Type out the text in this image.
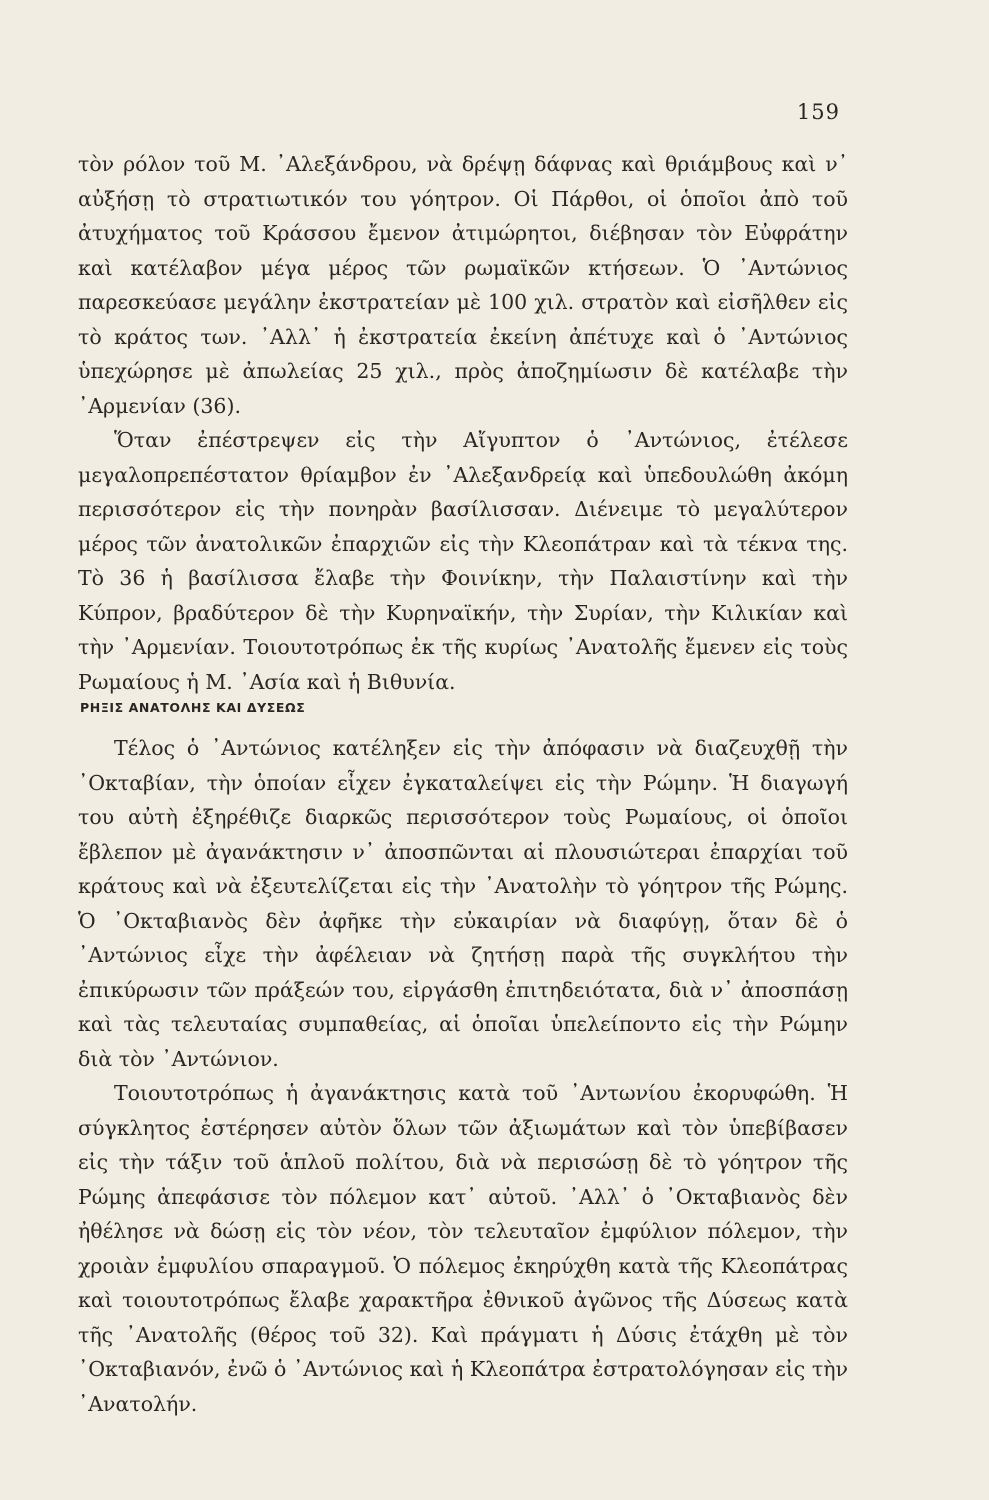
159

τὸν ρόλον τοῦ Μ. ᾿Αλεξάνδρου, νὰ δρέψῃ δάφνας καὶ θριάμβους καὶ ν᾿ αὐξήσῃ τὸ στρατιωτικόν του γόητρον. Οἱ Πάρθοι, οἱ ὁποῖοι ἀπὸ τοῦ ἀτυχήματος τοῦ Κράσσου ἔμενον ἀτιμώρητοι, διέβησαν τὸν Εὐφράτην καὶ κατέλαβον μέγα μέρος τῶν ρωμαϊκῶν κτήσεων. Ὁ ᾿Αντώνιος παρεσκεύασε μεγάλην ἐκστρατείαν μὲ 100 χιλ. στρατὸν καὶ εἰσῆλθεν εἰς τὸ κράτος των. ᾿Αλλ᾿ ἡ ἐκστρατεία ἐκείνη ἀπέτυχε καὶ ὁ ᾿Αντώνιος ὑπεχώρησε μὲ ἀπωλείας 25 χιλ., πρὸς ἀποζημίωσιν δὲ κατέλαβε τὴν ᾿Αρμενίαν (36).

Ὅταν ἐπέστρεψεν εἰς τὴν Αἴγυπτον ὁ ᾿Αντώνιος, ἐτέλεσε μεγαλοπρεπέστατον θρίαμβον ἐν ᾿Αλεξανδρείᾳ καὶ ὑπεδουλώθη ἀκόμη περισσότερον εἰς τὴν πονηρὰν βασίλισσαν. Διένειμε τὸ μεγαλύτερον μέρος τῶν ἀνατολικῶν ἐπαρχιῶν εἰς τὴν Κλεοπάτραν καὶ τὰ τέκνα της. Τὸ 36 ἡ βασίλισσα ἔλαβε τὴν Φοινίκην, τὴν Παλαιστίνην καὶ τὴν Κύπρον, βραδύτερον δὲ τὴν Κυρηναϊκήν, τὴν Συρίαν, τὴν Κιλικίαν καὶ τὴν ᾿Αρμενίαν. Τοιουτοτρόπως ἐκ τῆς κυρίως ᾿Ανατολῆς ἔμενεν εἰς τοὺς Ρωμαίους ἡ Μ. ᾿Ασία καὶ ἡ Βιθυνία.

ΡΗΞΙΣ ΑΝΑΤΟΛΗΣ ΚΑΙ ΔΥΣΕΩΣ

Τέλος ὁ ᾿Αντώνιος κατέληξεν εἰς τὴν ἀπόφασιν νὰ διαζευχθῇ τὴν ᾿Οκταβίαν, τὴν ὁποίαν εἶχεν ἐγκαταλείψει εἰς τὴν Ρώμην. Ἡ διαγωγή του αὐτὴ ἐξηρέθιζε διαρκῶς περισσότερον τοὺς Ρωμαίους, οἱ ὁποῖοι ἔβλεπον μὲ ἀγανάκτησιν ν᾿ ἀποσπῶνται αἱ πλουσιώτεραι ἐπαρχίαι τοῦ κράτους καὶ νὰ ἐξευτελίζεται εἰς τὴν ᾿Ανατολὴν τὸ γόητρον τῆς Ρώμης. Ὁ ᾿Οκταβιανὸς δὲν ἀφῆκε τὴν εὐκαιρίαν νὰ διαφύγῃ, ὅταν δὲ ὁ ᾿Αντώνιος εἶχε τὴν ἀφέλειαν νὰ ζητήσῃ παρὰ τῆς συγκλήτου τὴν ἐπικύρωσιν τῶν πράξεών του, εἰργάσθη ἐπιτηδειότατα, διὰ ν᾿ ἀποσπάσῃ καὶ τὰς τελευταίας συμπαθείας, αἱ ὁποῖαι ὑπελείποντο εἰς τὴν Ρώμην διὰ τὸν ᾿Αντώνιον.

Τοιουτοτρόπως ἡ ἀγανάκτησις κατὰ τοῦ ᾿Αντωνίου ἐκορυφώθη. Ἡ σύγκλητος ἐστέρησεν αὐτὸν ὅλων τῶν ἀξιωμάτων καὶ τὸν ὑπεβίβασεν εἰς τὴν τάξιν τοῦ ἁπλοῦ πολίτου, διὰ νὰ περισώσῃ δὲ τὸ γόητρον τῆς Ρώμης ἀπεφάσισε τὸν πόλεμον κατ᾿ αὐτοῦ. ᾿Αλλ᾿ ὁ ᾿Οκταβιανὸς δὲν ἠθέλησε νὰ δώσῃ εἰς τὸν νέον, τὸν τελευταῖον ἐμφύλιον πόλεμον, τὴν χροιὰν ἐμφυλίου σπαραγμοῦ. Ὁ πόλεμος ἐκηρύχθη κατὰ τῆς Κλεοπάτρας καὶ τοιουτοτρόπως ἔλαβε χαρακτῆρα ἐθνικοῦ ἀγῶνος τῆς Δύσεως κατὰ τῆς ᾿Ανατολῆς (θέρος τοῦ 32). Καὶ πράγματι ἡ Δύσις ἐτάχθη μὲ τὸν ᾿Οκταβιανόν, ἐνῶ ὁ ᾿Αντώνιος καὶ ἡ Κλεοπάτρα ἐστρατολόγησαν εἰς τὴν ᾿Ανατολήν.
